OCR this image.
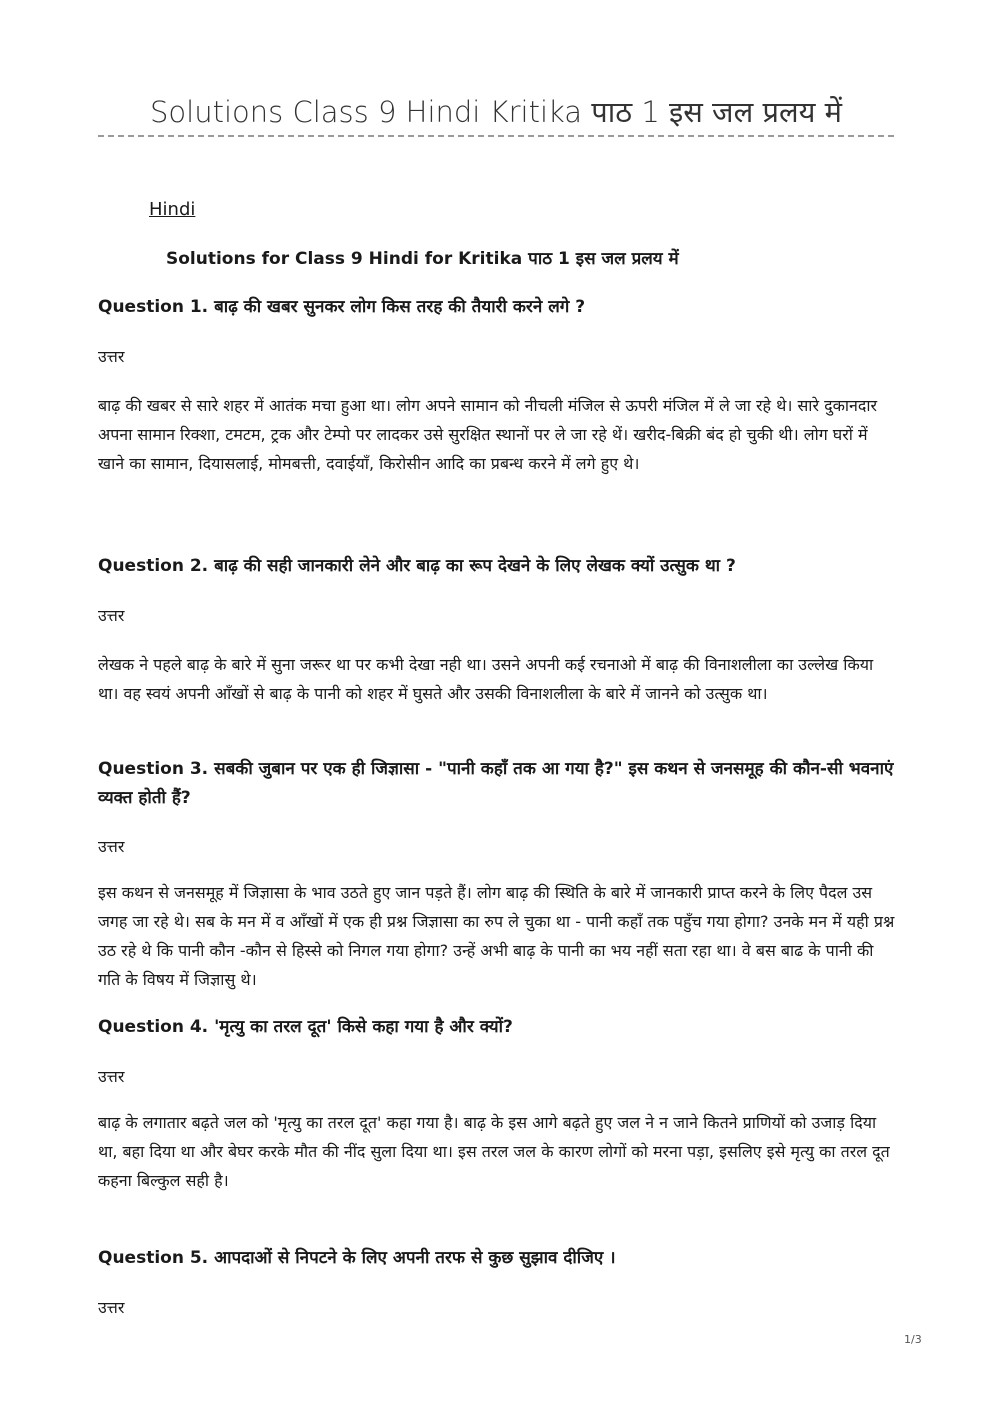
Solutions Class 9 Hindi Kritika पाठ 1 इस जल प्रलय में
Hindi
Solutions for Class 9 Hindi for Kritika पाठ 1 इस जल प्रलय में

Question 1. बाढ़ की खबर सुनकर लोग किस तरह की तैयारी करने लगे ?

उत्तर

बाढ़ की खबर से सारे शहर में आतंक मचा हुआ था। लोग अपने सामान को नीचली मंजिल से ऊपरी मंजिल में ले जा रहे थे। सारे दुकानदार अपना सामान रिक्शा, टमटम, ट्रक और टेम्पो पर लादकर उसे सुरक्षित स्थानों पर ले जा रहे थें। खरीद-बिक्री बंद हो चुकी थी। लोग घरों में खाने का सामान, दियासलाई, मोमबत्ती, दवाईयाँ, किरोसीन आदि का प्रबन्ध करने में लगे हुए थे।

Question 2. बाढ़ की सही जानकारी लेने और बाढ़ का रूप देखने के लिए लेखक क्यों उत्सुक था ?

उत्तर

लेखक ने पहले बाढ़ के बारे में सुना जरूर था पर कभी देखा नही था। उसने अपनी कई रचनाओ में बाढ़ की विनाशलीला का उल्लेख किया था। वह स्वयं अपनी आँखों से बाढ़ के पानी को शहर में घुसते और उसकी विनाशलीला के बारे में जानने को उत्सुक था।

Question 3. सबकी जुबान पर एक ही जिज्ञासा - "पानी कहाँ तक आ गया है?" इस कथन से जनसमूह की कौन-सी भवनाएं व्यक्त होती हैं?

उत्तर

इस कथन से जनसमूह में जिज्ञासा के भाव उठते हुए जान पड़ते हैं। लोग बाढ़ की स्थिति के बारे में जानकारी प्राप्त करने के लिए पैदल उस जगह जा रहे थे। सब के मन में व आँखों में एक ही प्रश्न जिज्ञासा का रुप ले चुका था - पानी कहाँ तक पहुँच गया होगा? उनके मन में यही प्रश्न उठ रहे थे कि पानी कौन -कौन से हिस्से को निगल गया होगा? उन्हें अभी बाढ़ के पानी का भय नहीं सता रहा था। वे बस बाढ के पानी की गति के विषय में जिज्ञासु थे।

Question 4. 'मृत्यु का तरल दूत' किसे कहा गया है और क्यों?

उत्तर

बाढ़ के लगातार बढ़ते जल को 'मृत्यु का तरल दूत' कहा गया है। बाढ़ के इस आगे बढ़ते हुए जल ने न जाने कितने प्राणियों को उजाड़ दिया था, बहा दिया था और बेघर करके मौत की नींद सुला दिया था। इस तरल जल के कारण लोगों को मरना पड़ा, इसलिए इसे मृत्यु का तरल दूत कहना बिल्कुल सही है।

Question 5. आपदाओं से निपटने के लिए अपनी तरफ से कुछ सुझाव दीजिए ।

उत्तर

1/3
